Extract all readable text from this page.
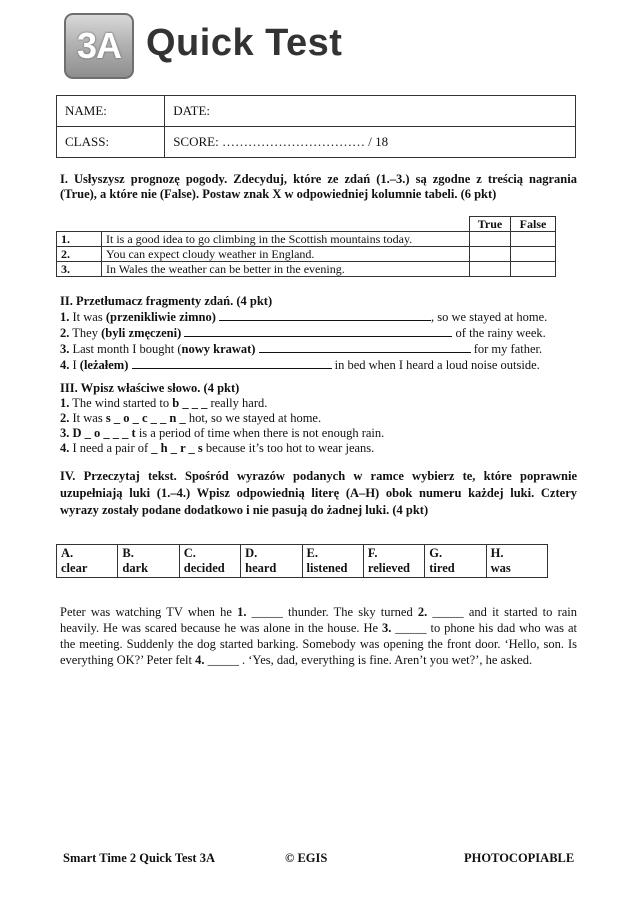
3A Quick Test
NAME:	DATE:
CLASS:	SCORE: …………………………… / 18
I. Usłyszysz prognozę pogody. Zdecyduj, które ze zdań (1.–3.) są zgodne z treścią nagrania (True), a które nie (False). Postaw znak X w odpowiedniej kolumnie tabeli. (6 pkt)
		True	False
1.	It is a good idea to go climbing in the Scottish mountains today.		
2.	You can expect cloudy weather in England.		
3.	In Wales the weather can be better in the evening.		
II. Przetłumacz fragmenty zdań. (4 pkt)
1. It was (przenikliwie zimno)	, so we stayed at home.
2. They (byli zmęczeni)	of the rainy week.
3. Last month I bought (nowy krawat)	for my father.
4. I (leżałem)	in bed when I heard a loud noise outside.
III. Wpisz właściwe słowo. (4 pkt)
1. The wind started to b _ _ _ really hard.
2. It was s _ o _ c _ _ n _ hot, so we stayed at home.
3. D _ o _ _ _ t is a period of time when there is not enough rain.
4. I need a pair of _ h _ r _ s because it’s too hot to wear jeans.
IV. Przeczytaj tekst. Spośród wyrazów podanych w ramce wybierz te, które poprawnie uzupełniają luki (1.–4.) Wpisz odpowiednią literę (A–H) obok numeru każdej luki. Cztery wyrazy zostały podane dodatkowo i nie pasują do żadnej luki. (4 pkt)
A.
clear

B.
dark

C.
decided

D.
heard

E.
listened

F.
relieved

G.
tired

H.
was
Peter was watching TV when he 1. _____ thunder. The sky turned 2. _____ and it started to rain heavily. He was scared because he was alone in the house. He 3. _____ to phone his dad who was at the meeting. Suddenly the dog started barking. Somebody was opening the front door. ‘Hello, son. Is everything OK?’ Peter felt 4. _____ . ‘Yes, dad, everything is fine. Aren’t you wet?’, he asked.
Smart Time 2 Quick Test 3A	© EGIS	PHOTOCOPIABLE
